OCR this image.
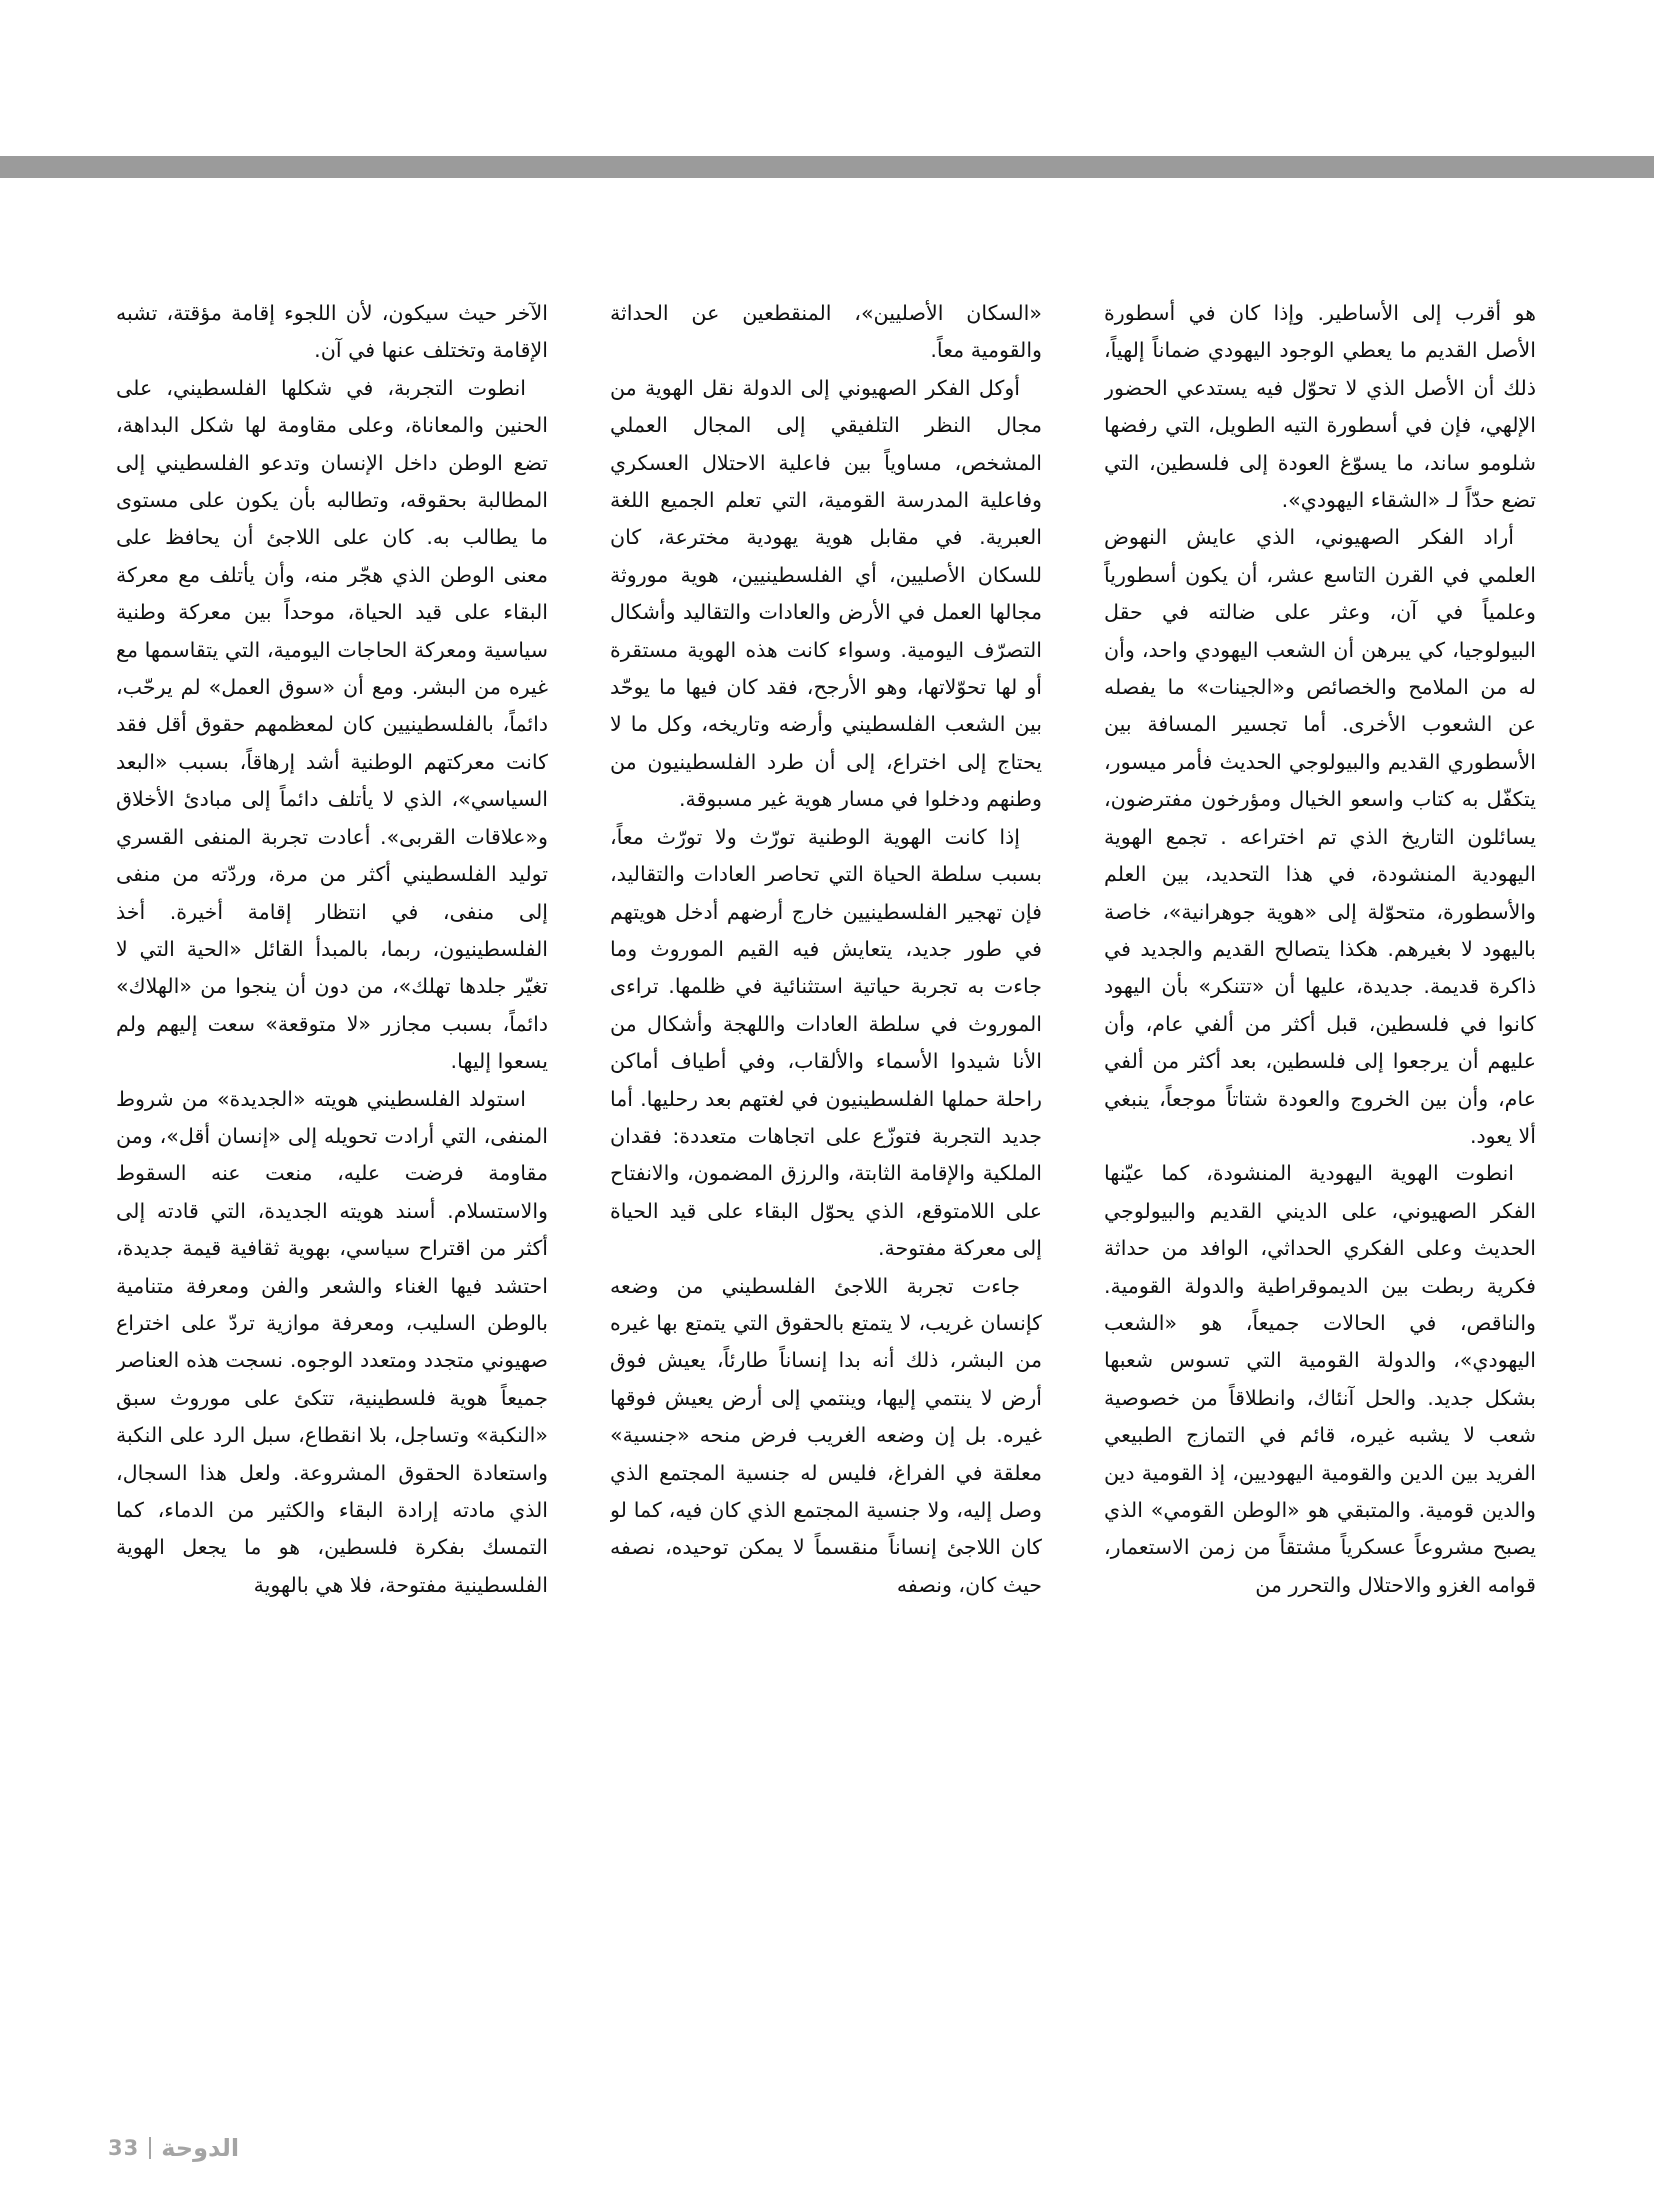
هو أقرب إلى الأساطير. وإذا كان في أسطورة الأصل القديم ما يعطي الوجود اليهودي ضماناً إلهياً، ذلك أن الأصل الذي لا تحوّل فيه يستدعي الحضور الإلهي، فإن في أسطورة التيه الطويل، التي رفضها شلومو ساند، ما يسوّغ العودة إلى فلسطين، التي تضع حدّاً لـ «الشقاء اليهودي».

أراد الفكر الصهيوني، الذي عايش النهوض العلمي في القرن التاسع عشر، أن يكون أسطورياً وعلمياً في آن، وعثر على ضالته في حقل البيولوجيا، كي يبرهن أن الشعب اليهودي واحد، وأن له من الملامح والخصائص و«الجينات» ما يفصله عن الشعوب الأخرى. أما تجسير المسافة بين الأسطوري القديم والبيولوجي الحديث فأمر ميسور، يتكفّل به كتاب واسعو الخيال ومؤرخون مفترضون، يسائلون التاريخ الذي تم اختراعه . تجمع الهوية اليهودية المنشودة، في هذا التحديد، بين العلم والأسطورة، متحوّلة إلى «هوية جوهرانية»، خاصة باليهود لا بغيرهم. هكذا يتصالح القديم والجديد في ذاكرة قديمة. جديدة، عليها أن «تتنكر» بأن اليهود كانوا في فلسطين، قبل أكثر من ألفي عام، وأن عليهم أن يرجعوا إلى فلسطين، بعد أكثر من ألفي عام، وأن بين الخروج والعودة شتاتاً موجعاً، ينبغي ألا يعود.

انطوت الهوية اليهودية المنشودة، كما عيّنها الفكر الصهيوني، على الديني القديم والبيولوجي الحديث وعلى الفكري الحداثي، الوافد من حداثة فكرية ربطت بين الديموقراطية والدولة القومية. والناقص، في الحالات جميعاً، هو «الشعب اليهودي»، والدولة القومية التي تسوس شعبها بشكل جديد. والحل آنئاك، وانطلاقاً من خصوصية شعب لا يشبه غيره، قائم في التمازج الطبيعي الفريد بين الدين والقومية اليهوديين، إذ القومية دين والدين قومية. والمتبقي هو «الوطن القومي» الذي يصبح مشروعاً عسكرياً مشتقاً من زمن الاستعمار، قوامه الغزو والاحتلال والتحرر من

«السكان الأصليين»، المنقطعين عن الحداثة والقومية معاً.

أوكل الفكر الصهيوني إلى الدولة نقل الهوية من مجال النظر التلفيقي إلى المجال العملي المشخص، مساوياً بين فاعلية الاحتلال العسكري وفاعلية المدرسة القومية، التي تعلم الجميع اللغة العبرية. في مقابل هوية يهودية مخترعة، كان للسكان الأصليين، أي الفلسطينيين، هوية موروثة مجالها العمل في الأرض والعادات والتقاليد وأشكال التصرّف اليومية. وسواء كانت هذه الهوية مستقرة أو لها تحوّلاتها، وهو الأرجح، فقد كان فيها ما يوحّد بين الشعب الفلسطيني وأرضه وتاريخه، وكل ما لا يحتاج إلى اختراع، إلى أن طرد الفلسطينيون من وطنهم ودخلوا في مسار هوية غير مسبوقة.

إذا كانت الهوية الوطنية تورّث ولا تورّث معاً، بسبب سلطة الحياة التي تحاصر العادات والتقاليد، فإن تهجير الفلسطينيين خارج أرضهم أدخل هويتهم في طور جديد، يتعايش فيه القيم الموروث وما جاءت به تجربة حياتية استثنائية في ظلمها. تراءى الموروث في سلطة العادات واللهجة وأشكال من الأنا شيدوا الأسماء والألقاب، وفي أطياف أماكن راحلة حملها الفلسطينيون في لغتهم بعد رحليها. أما جديد التجربة فتوزّع على اتجاهات متعددة: فقدان الملكية والإقامة الثابتة، والرزق المضمون، والانفتاح على اللامتوقع، الذي يحوّل البقاء على قيد الحياة إلى معركة مفتوحة.

جاءت تجربة اللاجئ الفلسطيني من وضعه كإنسان غريب، لا يتمتع بالحقوق التي يتمتع بها غيره من البشر، ذلك أنه بدا إنساناً طارئاً، يعيش فوق أرض لا ينتمي إليها، وينتمي إلى أرض يعيش فوقها غيره. بل إن وضعه الغريب فرض منحه «جنسية» معلقة في الفراغ، فليس له جنسية المجتمع الذي وصل إليه، ولا جنسية المجتمع الذي كان فيه، كما لو كان اللاجئ إنساناً منقسماً لا يمكن توحيده، نصفه حيث كان، ونصفه

الآخر حيث سيكون، لأن اللجوء إقامة مؤقتة، تشبه الإقامة وتختلف عنها في آن.

انطوت التجربة، في شكلها الفلسطيني، على الحنين والمعاناة، وعلى مقاومة لها شكل البداهة، تضع الوطن داخل الإنسان وتدعو الفلسطيني إلى المطالبة بحقوقه، وتطالبه بأن يكون على مستوى ما يطالب به. كان على اللاجئ أن يحافظ على معنى الوطن الذي هجّر منه، وأن يأتلف مع معركة البقاء على قيد الحياة، موحداً بين معركة وطنية سياسية ومعركة الحاجات اليومية، التي يتقاسمها مع غيره من البشر. ومع أن «سوق العمل» لم يرحّب، دائماً، بالفلسطينيين كان لمعظمهم حقوق أقل فقد كانت معركتهم الوطنية أشد إرهاقاً، بسبب «البعد السياسي»، الذي لا يأتلف دائماً إلى مبادئ الأخلاق و«علاقات القربى». أعادت تجربة المنفى القسري توليد الفلسطيني أكثر من مرة، وردّته من منفى إلى منفى، في انتظار إقامة أخيرة. أخذ الفلسطينيون، ربما، بالمبدأ القائل «الحية التي لا تغيّر جلدها تهلك»، من دون أن ينجوا من «الهلاك» دائماً، بسبب مجازر «لا متوقعة» سعت إليهم ولم يسعوا إليها.

استولد الفلسطيني هويته «الجديدة» من شروط المنفى، التي أرادت تحويله إلى «إنسان أقل»، ومن مقاومة فرضت عليه، منعت عنه السقوط والاستسلام. أسند هويته الجديدة، التي قادته إلى أكثر من اقتراح سياسي، بهوية ثقافية قيمة جديدة، احتشد فيها الغناء والشعر والفن ومعرفة متنامية بالوطن السليب، ومعرفة موازية تردّ على اختراع صهيوني متجدد ومتعدد الوجوه. نسجت هذه العناصر جميعاً هوية فلسطينية، تتكئ على موروث سبق «النكبة» وتساجل، بلا انقطاع، سبل الرد على النكبة واستعادة الحقوق المشروعة. ولعل هذا السجال، الذي مادته إرادة البقاء والكثير من الدماء، كما التمسك بفكرة فلسطين، هو ما يجعل الهوية الفلسطينية مفتوحة، فلا هي بالهوية

33 الدوحة
